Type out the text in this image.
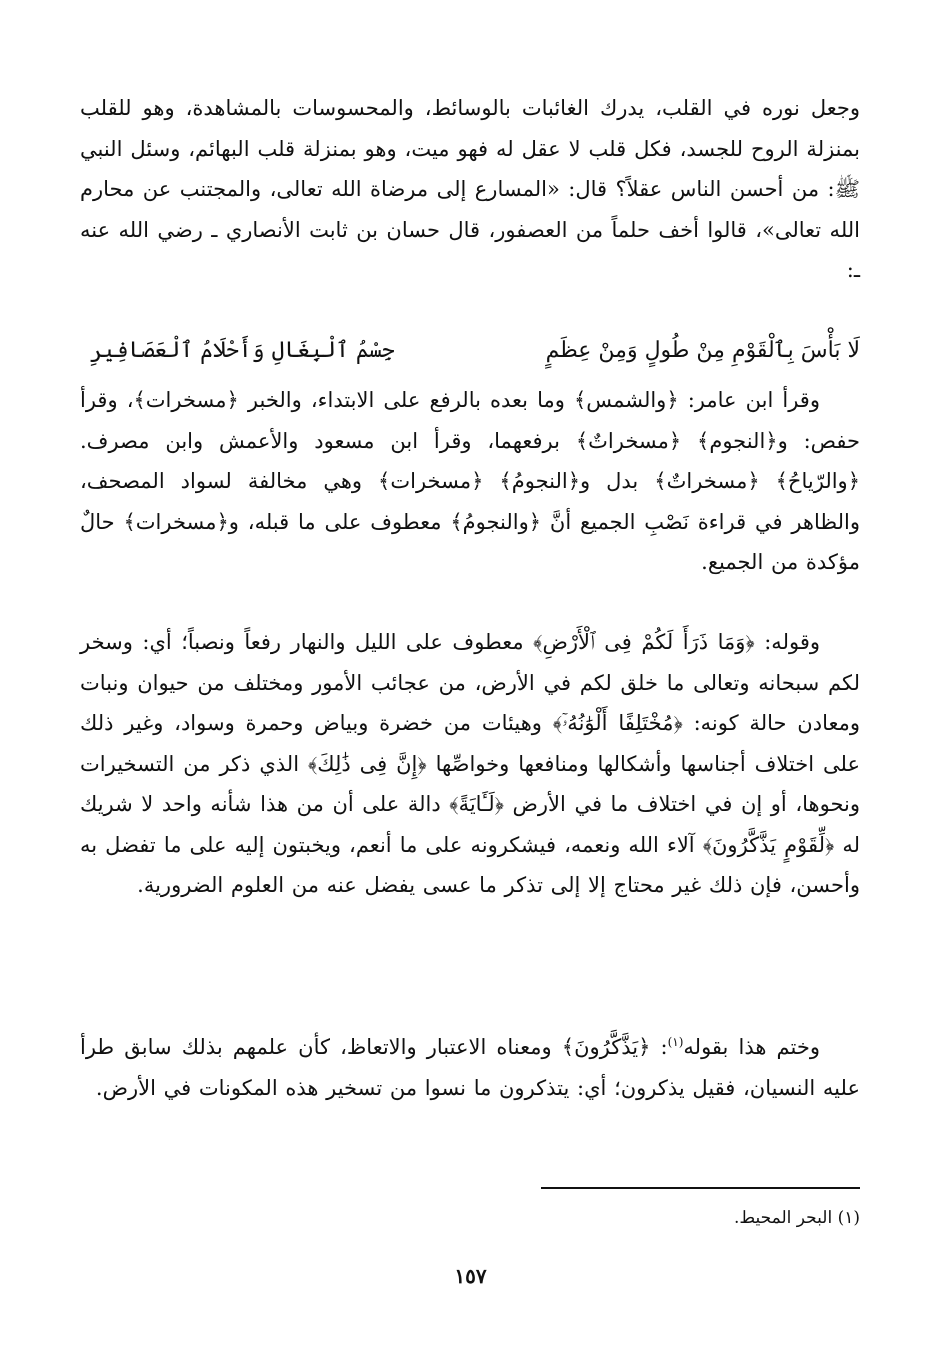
وجعل نوره في القلب، يدرك الغائبات بالوسائط، والمحسوسات بالمشاهدة، وهو للقلب بمنزلة الروح للجسد، فكل قلب لا عقل له فهو ميت، وهو بمنزلة قلب البهائم، وسئل النبي ﷺ: من أحسن الناس عقلاً؟ قال: «المسارع إلى مرضاة الله تعالى، والمجتنب عن محارم الله تعالى»، قالوا أخف حلماً من العصفور، قال حسان بن ثابت الأنصاري ـ رضي الله عنه ـ:
لَا بَأْسَ بِٱلْقَوْمِ مِنْ طُولٍ وَمِنْ عِظَمٍ
جِسْمُ ٱلْبِغَالِ وَأَحْلَامُ ٱلْعَصَافِيرِ
وقرأ ابن عامر: ﴿والشمس﴾ وما بعده بالرفع على الابتداء، والخبر ﴿مسخرات﴾، وقرأ حفص: و﴿النجوم﴾ ﴿مسخراتٌ﴾ برفعهما، وقرأ ابن مسعود والأعمش وابن مصرف. ﴿والرّياحُ﴾ ﴿مسخراتٌ﴾ بدل و﴿النجومُ﴾ ﴿مسخرات﴾ وهي مخالفة لسواد المصحف، والظاهر في قراءة نَصْبِ الجميع أنَّ ﴿والنجومُ﴾ معطوف على ما قبله، و﴿مسخرات﴾ حالٌ مؤكدة من الجميع.
وقوله: ﴿وَمَا ذَرَأَ لَكُمْ فِى ٱلْأَرْضِ﴾ معطوف على الليل والنهار رفعاً ونصباً؛ أي: وسخر لكم سبحانه وتعالى ما خلق لكم في الأرض، من عجائب الأمور ومختلف من حيوان ونبات ومعادن حالة كونه: ﴿مُخْتَلِفًا أَلْوَٰنُهُۥٓ﴾ وهيئات من خضرة وبياض وحمرة وسواد، وغير ذلك على اختلاف أجناسها وأشكالها ومنافعها وخواصِّها ﴿إِنَّ فِى ذَٰلِكَ﴾ الذي ذكر من التسخيرات ونحوها، أو إن في اختلاف ما في الأرض ﴿لَـَٔايَةً﴾ دالة على أن من هذا شأنه واحد لا شريك له ﴿لِّقَوْمٍ يَذَّكَّرُونَ﴾ آلاء الله ونعمه، فيشكرونه على ما أنعم، ويخبتون إليه على ما تفضل به وأحسن، فإن ذلك غير محتاج إلا إلى تذكر ما عسى يفضل عنه من العلوم الضرورية.
وختم هذا بقوله$^{(١)}$: ﴿يَذَّكَّرُونَ﴾ ومعناه الاعتبار والاتعاظ، كأن علمهم بذلك سابق طرأ عليه النسيان، فقيل يذكرون؛ أي: يتذكرون ما نسوا من تسخير هذه المكونات في الأرض.
(١) البحر المحيط.
١٥٧
